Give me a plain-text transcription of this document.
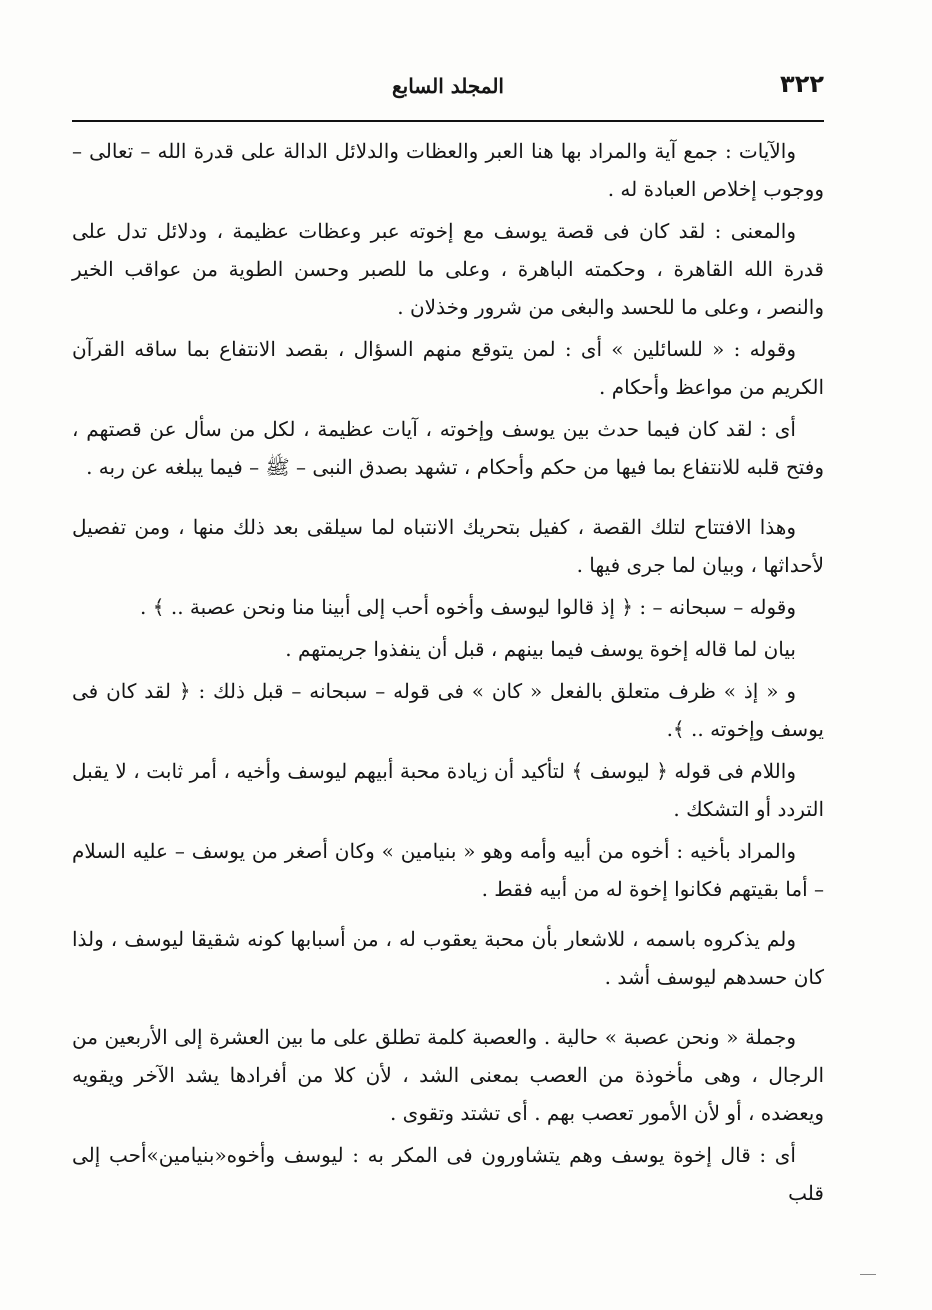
٣٢٢
المجلد السابع

والآيات : جمع آية والمراد بها هنا العبر والعظات والدلائل الدالة على قدرة الله – تعالى – ووجوب إخلاص العبادة له .

والمعنى : لقد كان فى قصة يوسف مع إخوته عبر وعظات عظيمة ، ودلائل تدل على قدرة الله القاهرة ، وحكمته الباهرة ، وعلى ما للصبر وحسن الطوية من عواقب الخير والنصر ، وعلى ما للحسد والبغى من شرور وخذلان .

وقوله : « للسائلين » أى : لمن يتوقع منهم السؤال ، بقصد الانتفاع بما ساقه القرآن الكريم من مواعظ وأحكام .

أى : لقد كان فيما حدث بين يوسف وإخوته ، آيات عظيمة ، لكل من سأل عن قصتهم ، وفتح قلبه للانتفاع بما فيها من حكم وأحكام ، تشهد بصدق النبى – ﷺ – فيما يبلغه عن ربه .

وهذا الافتتاح لتلك القصة ، كفيل بتحريك الانتباه لما سيلقى بعد ذلك منها ، ومن تفصيل لأحداثها ، وبيان لما جرى فيها .

وقوله – سبحانه – : ﴿ إذ قالوا ليوسف وأخوه أحب إلى أبينا منا ونحن عصبة .. ﴾ .

بيان لما قاله إخوة يوسف فيما بينهم ، قبل أن ينفذوا جريمتهم .

و « إذ » ظرف متعلق بالفعل « كان » فى قوله – سبحانه – قبل ذلك : ﴿ لقد كان فى يوسف وإخوته .. ﴾.

واللام فى قوله ﴿ ليوسف ﴾ لتأكيد أن زيادة محبة أبيهم ليوسف وأخيه ، أمر ثابت ، لا يقبل التردد أو التشكك .

والمراد بأخيه : أخوه من أبيه وأمه وهو « بنيامين » وكان أصغر من يوسف – عليه السلام – أما بقيتهم فكانوا إخوة له من أبيه فقط .

ولم يذكروه باسمه ، للاشعار بأن محبة يعقوب له ، من أسبابها كونه شقيقا ليوسف ، ولذا كان حسدهم ليوسف أشد .

وجملة « ونحن عصبة » حالية . والعصبة كلمة تطلق على ما بين العشرة إلى الأربعين من الرجال ، وهى مأخوذة من العصب بمعنى الشد ، لأن كلا من أفرادها يشد الآخر ويقويه ويعضده ، أو لأن الأمور تعصب بهم . أى تشتد وتقوى .

أى : قال إخوة يوسف وهم يتشاورون فى المكر به : ليوسف وأخوه«بنيامين»أحب إلى قلب
